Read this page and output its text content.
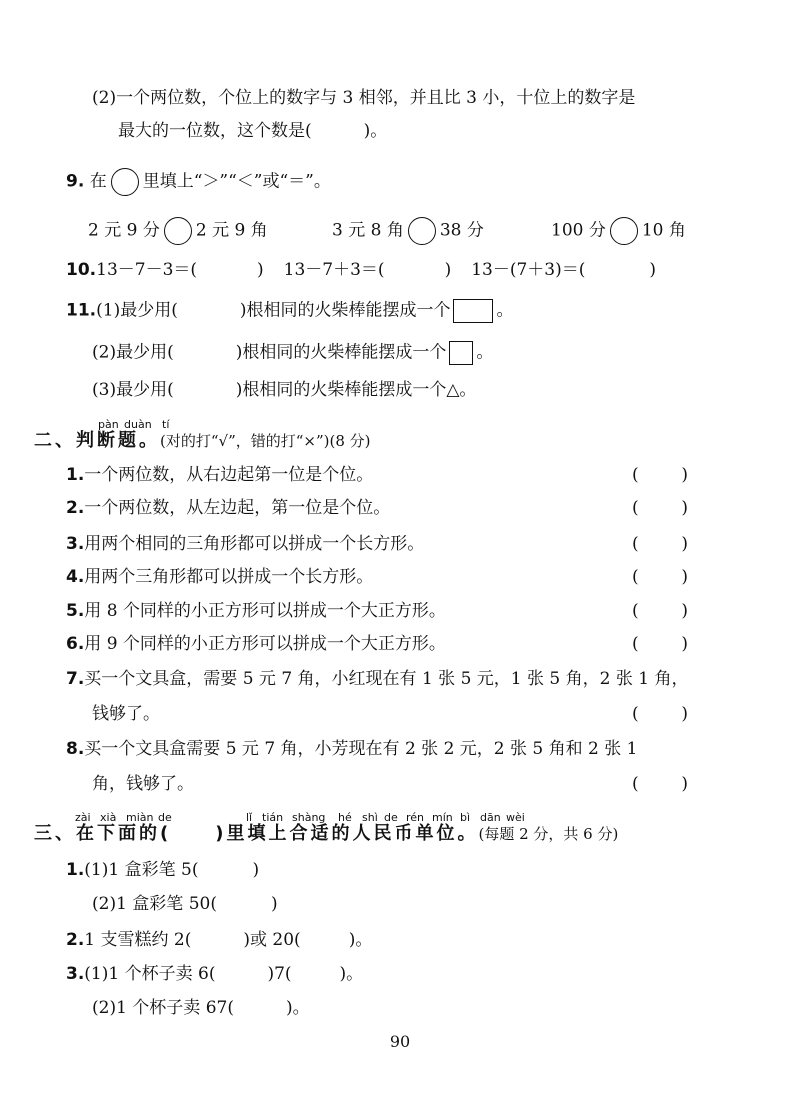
(2)一个两位数，个位上的数字与 3 相邻，并且比 3 小，十位上的数字是
最大的一位数，这个数是(	)。
9. 在 里填上“＞”“＜”或“＝”。
2 元 9 分 2 元 9 角	3 元 8 角 38 分	100 分 10 角
10.13－7－3＝(	) 13－7＋3＝(	) 13－(7＋3)＝(	)
11.(1)最少用(	)根相同的火柴棒能摆成一个	。
(2)最少用(	)根相同的火柴棒能摆成一个 。
(3)最少用(	)根相同的火柴棒能摆成一个△。
pàn duàn tí
二、判断题。(对的打“√”，错的打“×”)(8 分)
1.一个两位数，从右边起第一位是个位。	(	)
2.一个两位数，从左边起，第一位是个位。	(	)
3.用两个相同的三角形都可以拼成一个长方形。	(	)
4.用两个三角形都可以拼成一个长方形。	(	)
5.用 8 个同样的小正方形可以拼成一个大正方形。	(	)
6.用 9 个同样的小正方形可以拼成一个大正方形。	(	)
7.买一个文具盒，需要 5 元 7 角，小红现在有 1 张 5 元，1 张 5 角，2 张 1 角，
钱够了。	(	)
8.买一个文具盒需要 5 元 7 角，小芳现在有 2 张 2 元，2 张 5 角和 2 张 1
角，钱够了。	(	)
zài xià miàn de	lǐ tián shàng hé shì de rén mín bì dān wèi
三、在下面的( )里填上合适的人民币单位。(每题 2 分，共 6 分)
1.(1)1 盒彩笔 5(	)
(2)1 盒彩笔 50(	)
2.1 支雪糕约 2(	)或 20(	)。
3.(1)1 个杯子卖 6(	)7(	)。
(2)1 个杯子卖 67(	)。
90
